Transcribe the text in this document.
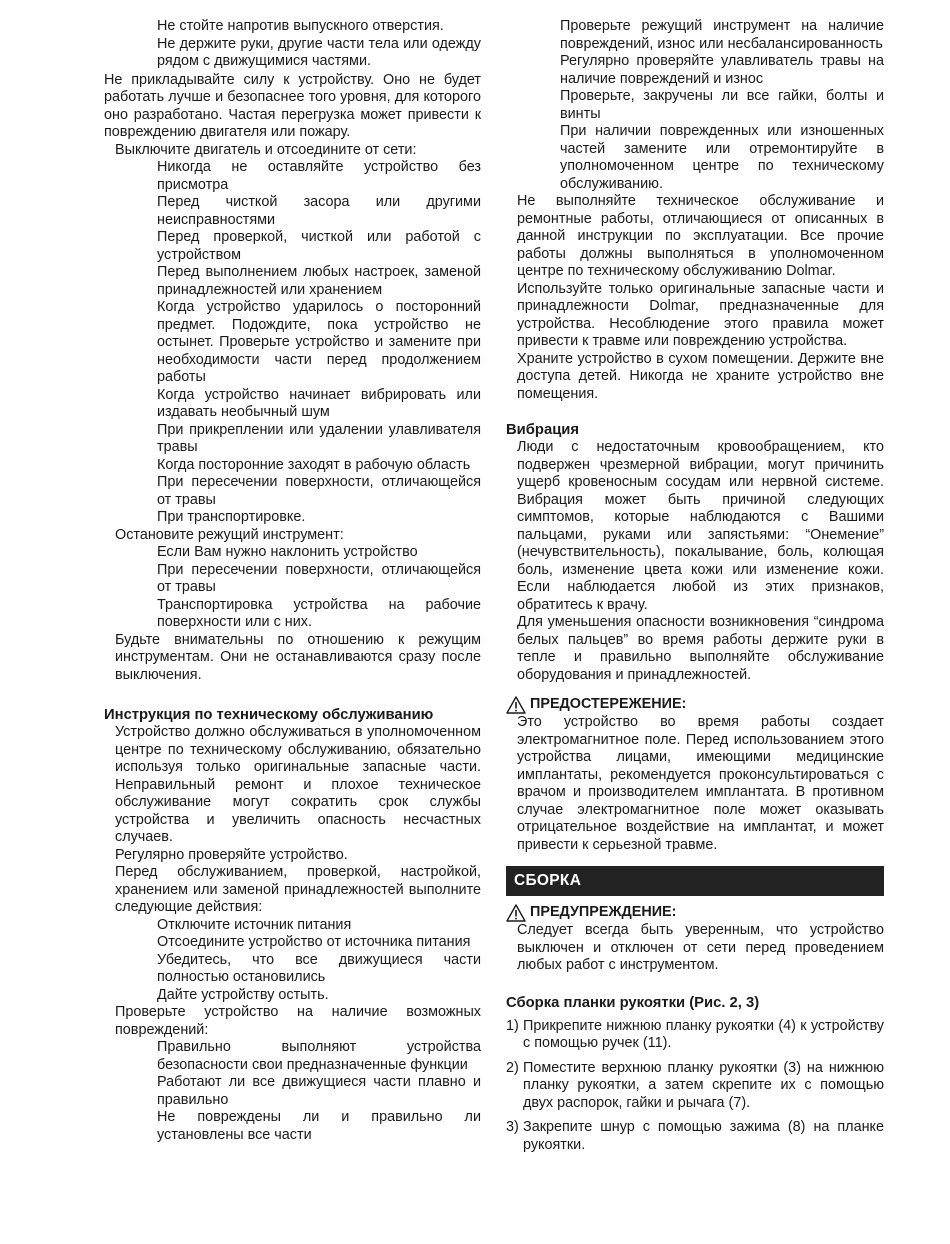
Не стойте напротив выпускного отверстия.

Не держите руки, другие части тела или одежду рядом с движущимися частями.

Не прикладывайте силу к устройству. Оно не будет работать лучше и безопаснее того уровня, для которого оно разработано. Частая перегрузка может привести к повреждению двигателя или пожару.

Выключите двигатель и отсоедините от сети:

Никогда не оставляйте устройство без присмотра

Перед чисткой засора или другими неисправностями

Перед проверкой, чисткой или работой с устройством

Перед выполнением любых настроек, заменой принадлежностей или хранением

Когда устройство ударилось о посторонний предмет. Подождите, пока устройство не остынет. Проверьте устройство и замените при необходимости части перед продолжением работы

Когда устройство начинает вибрировать или издавать необычный шум

При прикреплении или удалении улавливателя травы

Когда посторонние заходят в рабочую область

При пересечении поверхности, отличающейся от травы

При транспортировке.

Остановите режущий инструмент:

Если Вам нужно наклонить устройство

При пересечении поверхности, отличающейся от травы

Транспортировка устройства на рабочие поверхности или с них.

Будьте внимательны по отношению к режущим инструментам. Они не останавливаются сразу после выключения.

Инструкция по техническому обслуживанию

Устройство должно обслуживаться в уполномоченном центре по техническому обслуживанию, обязательно используя только оригинальные запасные части. Неправильный ремонт и плохое техническое обслуживание могут сократить срок службы устройства и увеличить опасность несчастных случаев.

Регулярно проверяйте устройство.

Перед обслуживанием, проверкой, настройкой, хранением или заменой принадлежностей выполните следующие действия:

Отключите источник питания

Отсоедините устройство от источника питания

Убедитесь, что все движущиеся части полностью остановились

Дайте устройству остыть.

Проверьте устройство на наличие возможных повреждений:

Правильно выполняют устройства безопасности свои предназначенные функции

Работают ли все движущиеся части плавно и правильно

Не повреждены ли и правильно ли установлены все части

Проверьте режущий инструмент на наличие повреждений, износ или несбалансированность

Регулярно проверяйте улавливатель травы на наличие повреждений и износ

Проверьте, закручены ли все гайки, болты и винты

При наличии поврежденных или изношенных частей замените или отремонтируйте в уполномоченном центре по техническому обслуживанию.

Не выполняйте техническое обслуживание и ремонтные работы, отличающиеся от описанных в данной инструкции по эксплуатации. Все прочие работы должны выполняться в уполномоченном центре по техническому обслуживанию Dolmar.

Используйте только оригинальные запасные части и принадлежности Dolmar, предназначенные для устройства. Несоблюдение этого правила может привести к травме или повреждению устройства.

Храните устройство в сухом помещении. Держите вне доступа детей. Никогда не храните устройство вне помещения.

Вибрация

Люди с недостаточным кровообращением, кто подвержен чрезмерной вибрации, могут причинить ущерб кровеносным сосудам или нервной системе. Вибрация может быть причиной следующих симптомов, которые наблюдаются с Вашими пальцами, руками или запястьями: “Онемение” (нечувствительность), покалывание, боль, колющая боль, изменение цвета кожи или изменение кожи. Если наблюдается любой из этих признаков, обратитесь к врачу.

Для уменьшения опасности возникновения “синдрома белых пальцев” во время работы держите руки в тепле и правильно выполняйте обслуживание оборудования и принадлежностей.

ПРЕДОСТЕРЕЖЕНИЕ:

Это устройство во время работы создает электромагнитное поле. Перед использованием этого устройства лицами, имеющими медицинские имплантаты, рекомендуется проконсультироваться с врачом и производителем имплантата. В противном случае электромагнитное поле может оказывать отрицательное воздействие на имплантат, и может привести к серьезной травме.

СБОРКА
ПРЕДУПРЕЖДЕНИЕ:

Следует всегда быть уверенным, что устройство выключен и отключен от сети перед проведением любых работ с инструментом.

Сборка планки рукоятки (Рис. 2, 3)
1) Прикрепите нижнюю планку рукоятки (4) к устройству с помощью ручек (11).
2) Поместите верхнюю планку рукоятки (3) на нижнюю планку рукоятки, а затем скрепите их с помощью двух распорок, гайки и рычага (7).
3) Закрепите шнур с помощью зажима (8) на планке рукоятки.
